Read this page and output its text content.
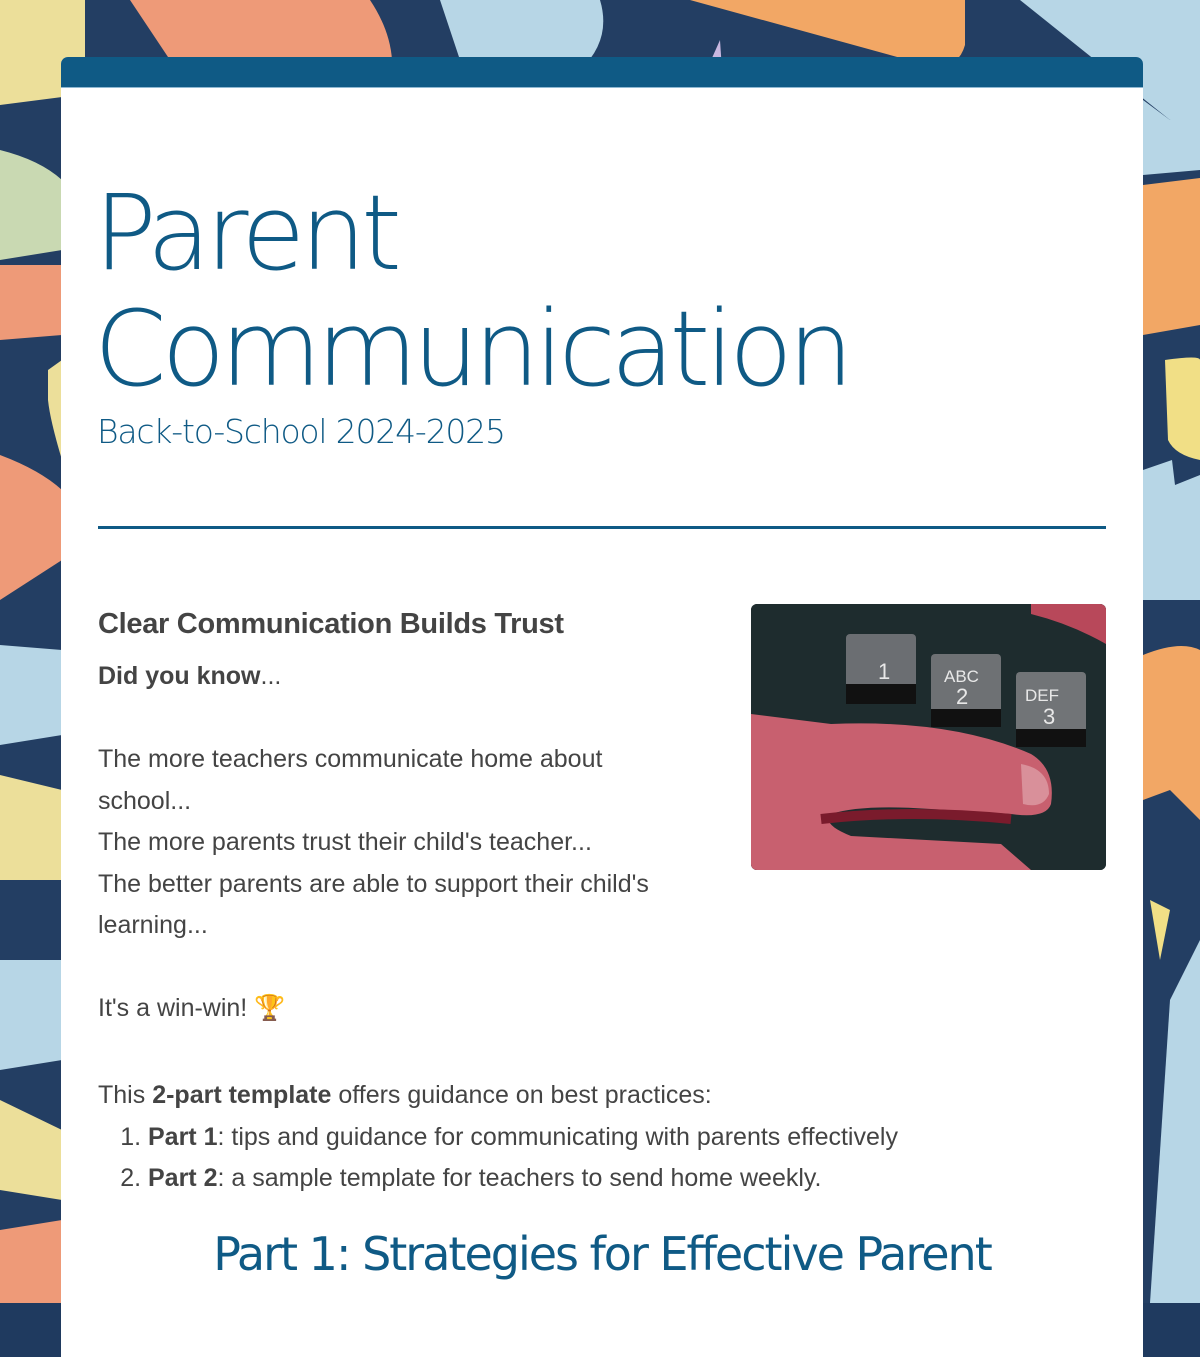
Parent
Communication
Back-to-School 2024-2025
Clear Communication Builds Trust

Did you know...

The more teachers communicate home about school...

The more parents trust their child's teacher...

The better parents are able to support their child's learning...

It's a win-win! 🏆

This 2-part template offers guidance on best practices:

1. Part 1: tips and guidance for communicating with parents effectively
2. Part 2: a sample template for teachers to send home weekly.
1	ABC
2	DEF
3
Part 1: Strategies for Effective Parent
